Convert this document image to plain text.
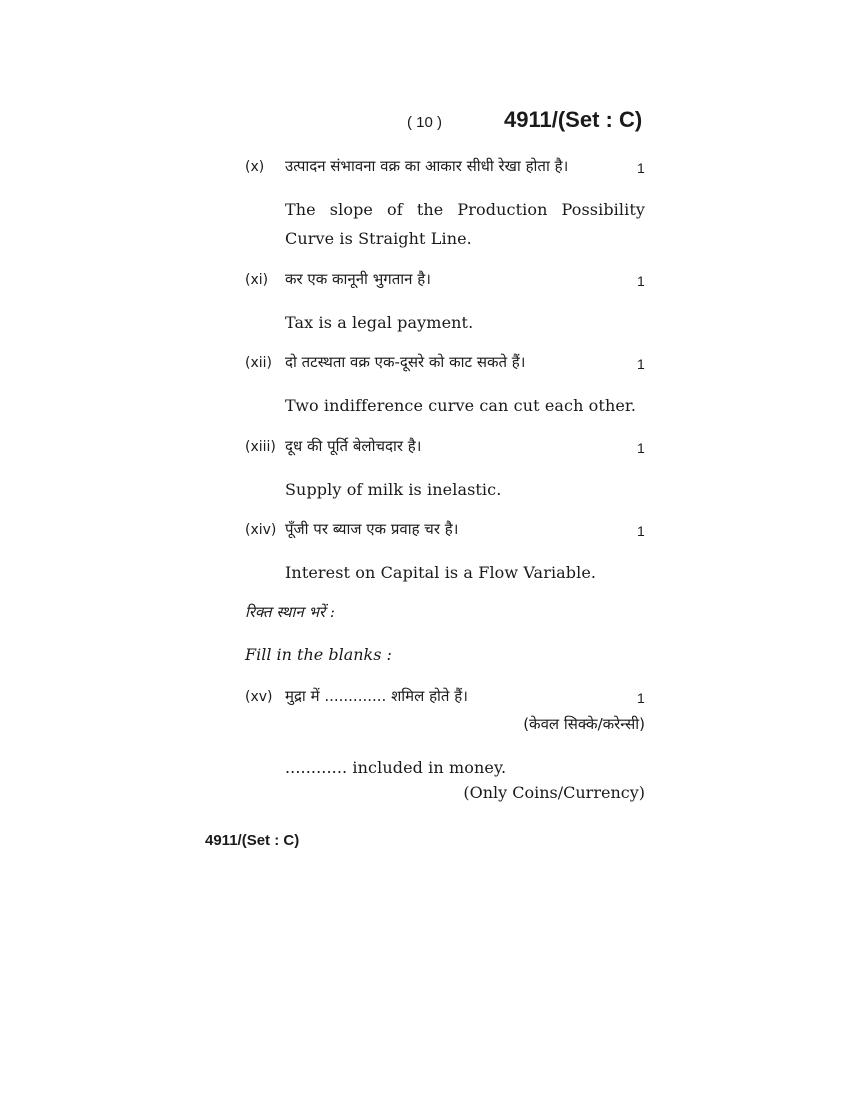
( 10 )	4911/(Set : C)
(x) उत्पादन संभावना वक्र का आकार सीधी रेखा होता है।	1
The slope of the Production Possibility Curve is Straight Line.
(xi) कर एक कानूनी भुगतान है।	1
Tax is a legal payment.
(xii) दो तटस्थता वक्र एक-दूसरे को काट सकते हैं।	1
Two indifference curve can cut each other.
(xiii) दूध की पूर्ति बेलोचदार है।	1
Supply of milk is inelastic.
(xiv) पूँजी पर ब्याज एक प्रवाह चर है।	1
Interest on Capital is a Flow Variable.
रिक्त स्थान भरें :
Fill in the blanks :
(xv) मुद्रा में ............. शमिल होते हैं।	1
(केवल सिक्के/करेन्सी)
............ included in money.
(Only Coins/Currency)
4911/(Set : C)
